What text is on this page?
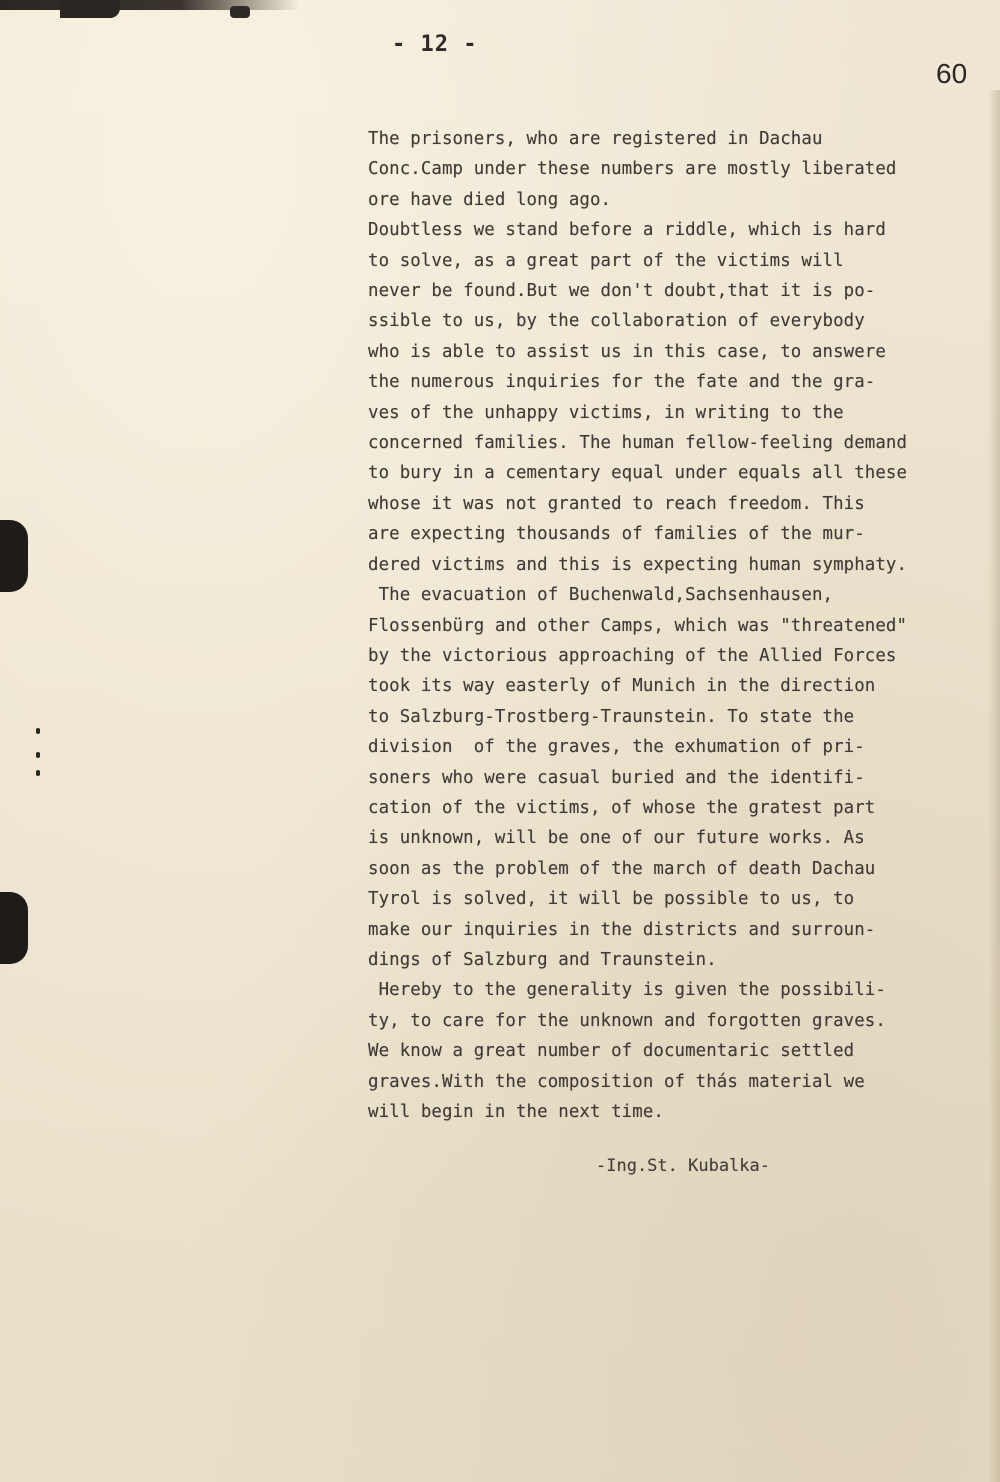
- 12 -
60
The prisoners, who are registered in Dachau
Conc.Camp under these numbers are mostly liberated
ore have died long ago.
Doubtless we stand before a riddle, which is hard
to solve, as a great part of the victims will
never be found.But we don't doubt,that it is po-
ssible to us, by the collaboration of everybody
who is able to assist us in this case, to answere
the numerous inquiries for the fate and the gra-
ves of the unhappy victims, in writing to the
concerned families. The human fellow-feeling demand
to bury in a cementary equal under equals all these
whose it was not granted to reach freedom. This
are expecting thousands of families of the mur-
dered victims and this is expecting human symphaty.
The evacuation of Buchenwald,Sachsenhausen,
Flossenbürg and other Camps, which was "threatened"
by the victorious approaching of the Allied Forces
took its way easterly of Munich in the direction
to Salzburg-Trostberg-Traunstein. To state the
division  of the graves, the exhumation of pri-
soners who were casual buried and the identifi-
cation of the victims, of whose the gratest part
is unknown, will be one of our future works. As
soon as the problem of the march of death Dachau
Tyrol is solved, it will be possible to us, to
make our inquiries in the districts and surroun-
dings of Salzburg and Traunstein.
Hereby to the generality is given the possibili-
ty, to care for the unknown and forgotten graves.
We know a great number of documentaric settled
graves.With the composition of thás material we
will begin in the next time.
-Ing.St. Kubalka-
